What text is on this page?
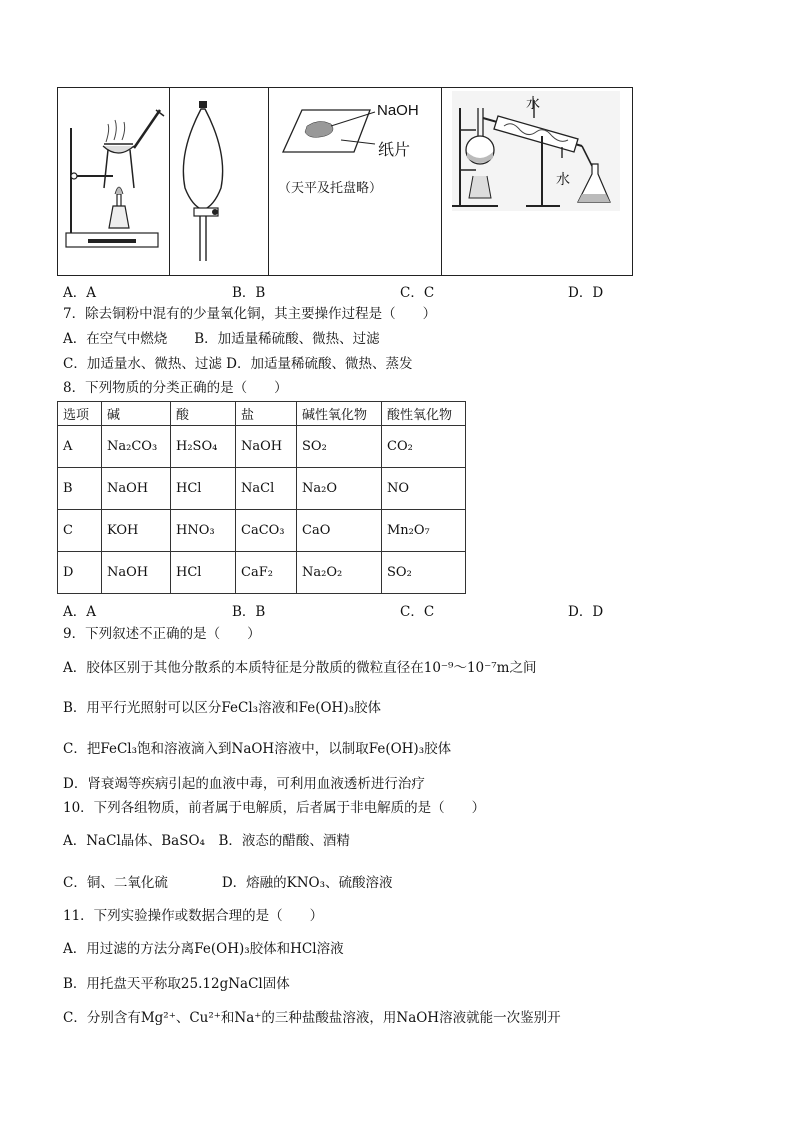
NaOH
纸片
（天平及托盘略）
水
水
A．A	B．B	C．C	D．D
7．除去铜粉中混有的少量氧化铜，其主要操作过程是（　　）
A．在空气中燃烧　　B．加适量稀硫酸、微热、过滤
C．加适量水、微热、过滤 D．加适量稀硫酸、微热、蒸发
8．下列物质的分类正确的是（　　）
选项	碱	酸	盐	碱性氧化物	酸性氧化物
A	Na₂CO₃	H₂SO₄	NaOH	SO₂	CO₂
B	NaOH	HCl	NaCl	Na₂O	NO
C	KOH	HNO₃	CaCO₃	CaO	Mn₂O₇
D	NaOH	HCl	CaF₂	Na₂O₂	SO₂
A．A	B．B	C．C	D．D
9．下列叙述不正确的是（　　）
A．胶体区别于其他分散系的本质特征是分散质的微粒直径在10⁻⁹～10⁻⁷m之间
B．用平行光照射可以区分FeCl₃溶液和Fe(OH)₃胶体
C．把FeCl₃饱和溶液滴入到NaOH溶液中，以制取Fe(OH)₃胶体
D．肾衰竭等疾病引起的血液中毒，可利用血液透析进行治疗
10．下列各组物质，前者属于电解质，后者属于非电解质的是（　　）
A．NaCl晶体、BaSO₄　B．液态的醋酸、酒精
C．铜、二氧化硫　　　　D．熔融的KNO₃、硫酸溶液
11．下列实验操作或数据合理的是（　　）
A．用过滤的方法分离Fe(OH)₃胶体和HCl溶液
B．用托盘天平称取25.12gNaCl固体
C．分别含有Mg²⁺、Cu²⁺和Na⁺的三种盐酸盐溶液，用NaOH溶液就能一次鉴别开
